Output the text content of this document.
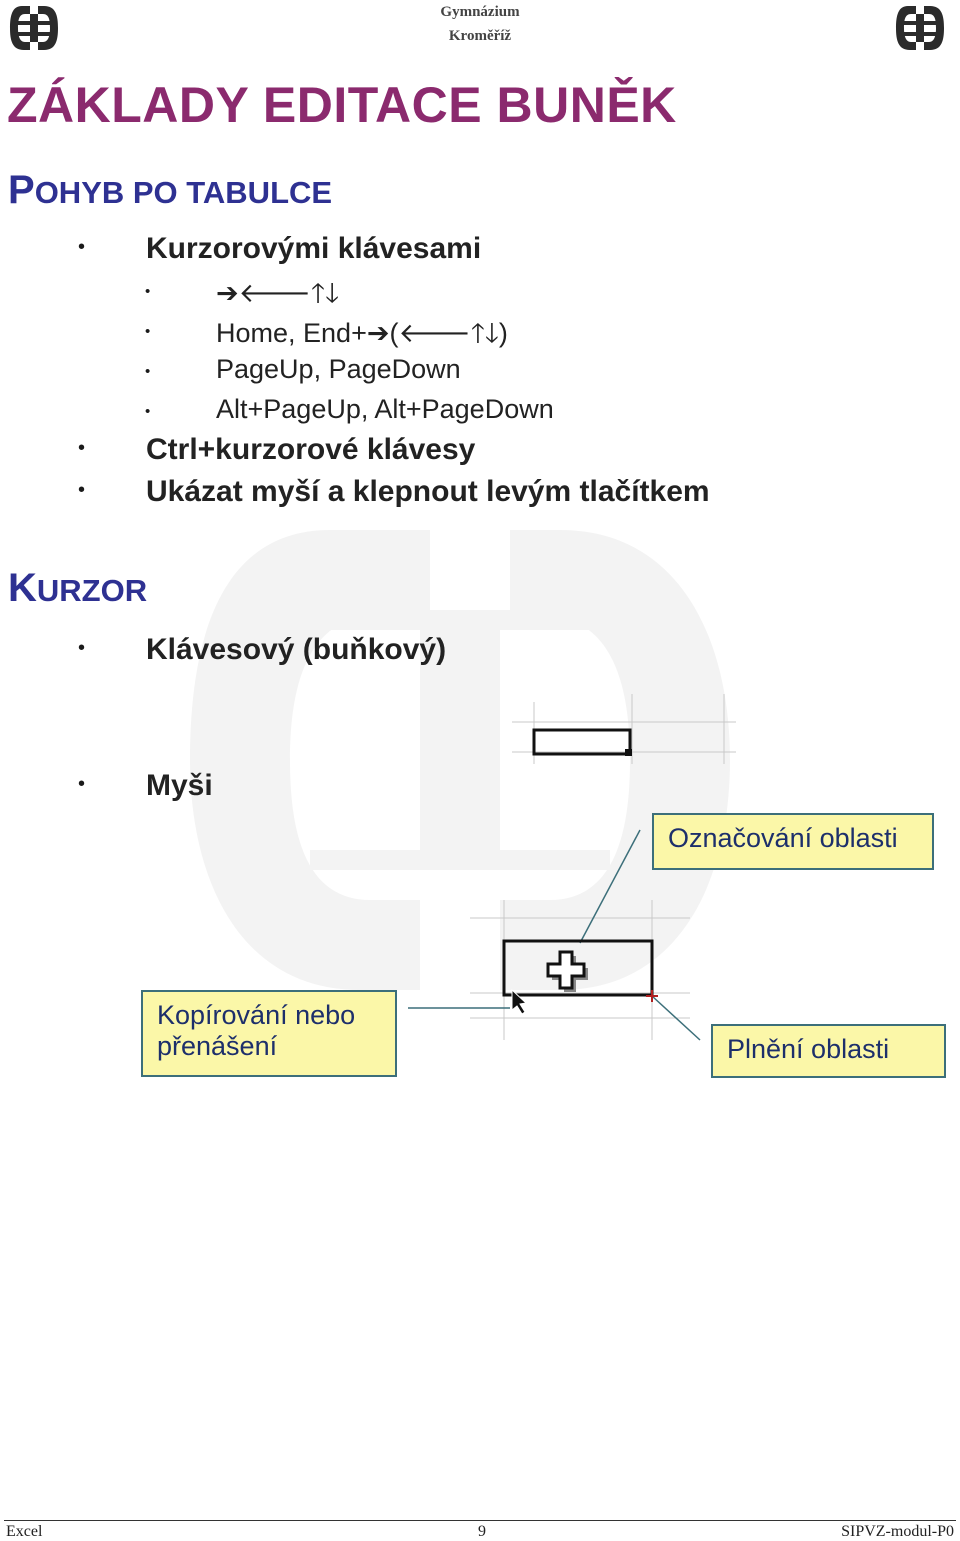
Gymnázium
Kroměříž
ZÁKLADY EDITACE BUNĚK
POHYB PO TABULCE
• Kurzorovými klávesami
• ➔🡐🡑🡓
• Home, End+➔(🡐🡑🡓)
• PageUp, PageDown
• Alt+PageUp, Alt+PageDown
• Ctrl+kurzorové klávesy
• Ukázat myší a klepnout levým tlačítkem
KURZOR
• Klávesový (buňkový)
• Myši
Označování oblasti
Kopírování nebo
přenášení	Plnění oblasti
Excel	9	SIPVZ-modul-P0
